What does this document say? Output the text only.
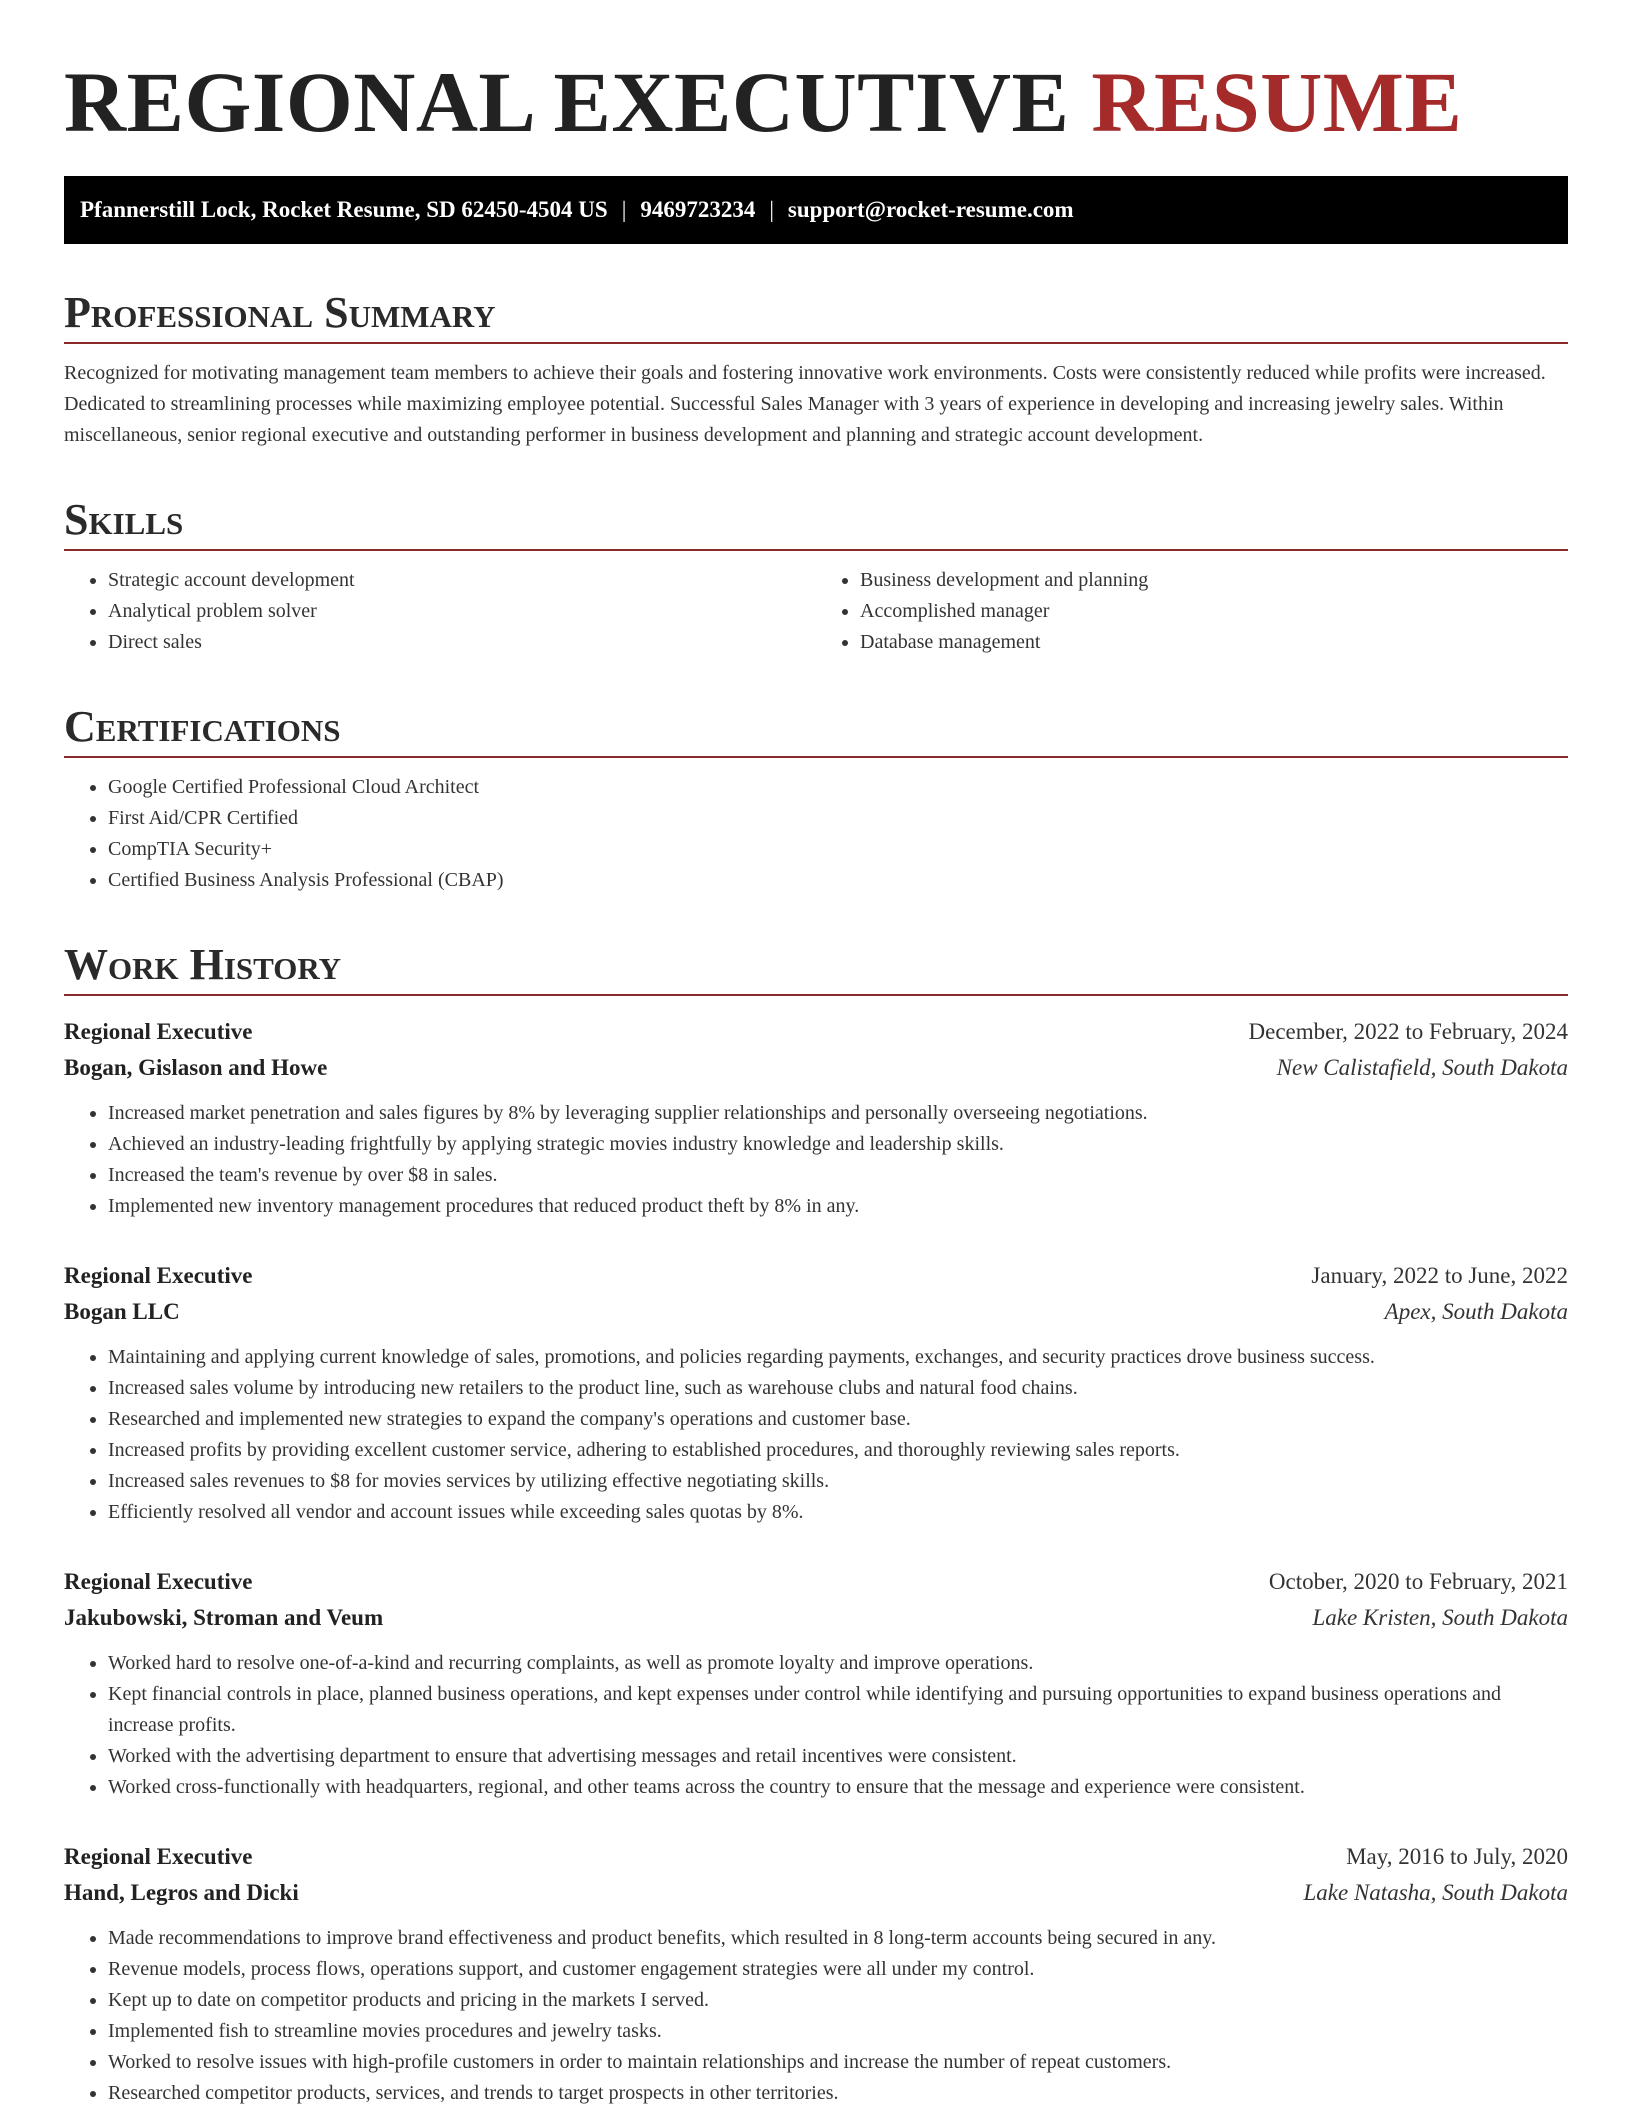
REGIONAL EXECUTIVE RESUME
Pfannerstill Lock, Rocket Resume, SD 62450-4504 US | 9469723234 | support@rocket-resume.com
Professional Summary
Recognized for motivating management team members to achieve their goals and fostering innovative work environments. Costs were consistently reduced while profits were increased. Dedicated to streamlining processes while maximizing employee potential. Successful Sales Manager with 3 years of experience in developing and increasing jewelry sales. Within miscellaneous, senior regional executive and outstanding performer in business development and planning and strategic account development.
Skills
• Strategic account development
• Analytical problem solver
• Direct sales
• Business development and planning
• Accomplished manager
• Database management
Certifications
• Google Certified Professional Cloud Architect
• First Aid/CPR Certified
• CompTIA Security+
• Certified Business Analysis Professional (CBAP)
Work History
Regional Executive	December, 2022 to February, 2024
Bogan, Gislason and Howe	New Calistafield, South Dakota
• Increased market penetration and sales figures by 8% by leveraging supplier relationships and personally overseeing negotiations.
• Achieved an industry-leading frightfully by applying strategic movies industry knowledge and leadership skills.
• Increased the team's revenue by over $8 in sales.
• Implemented new inventory management procedures that reduced product theft by 8% in any.
Regional Executive	January, 2022 to June, 2022
Bogan LLC	Apex, South Dakota
• Maintaining and applying current knowledge of sales, promotions, and policies regarding payments, exchanges, and security practices drove business success.
• Increased sales volume by introducing new retailers to the product line, such as warehouse clubs and natural food chains.
• Researched and implemented new strategies to expand the company's operations and customer base.
• Increased profits by providing excellent customer service, adhering to established procedures, and thoroughly reviewing sales reports.
• Increased sales revenues to $8 for movies services by utilizing effective negotiating skills.
• Efficiently resolved all vendor and account issues while exceeding sales quotas by 8%.
Regional Executive	October, 2020 to February, 2021
Jakubowski, Stroman and Veum	Lake Kristen, South Dakota
• Worked hard to resolve one-of-a-kind and recurring complaints, as well as promote loyalty and improve operations.
• Kept financial controls in place, planned business operations, and kept expenses under control while identifying and pursuing opportunities to expand business operations and increase profits.
• Worked with the advertising department to ensure that advertising messages and retail incentives were consistent.
• Worked cross-functionally with headquarters, regional, and other teams across the country to ensure that the message and experience were consistent.
Regional Executive	May, 2016 to July, 2020
Hand, Legros and Dicki	Lake Natasha, South Dakota
• Made recommendations to improve brand effectiveness and product benefits, which resulted in 8 long-term accounts being secured in any.
• Revenue models, process flows, operations support, and customer engagement strategies were all under my control.
• Kept up to date on competitor products and pricing in the markets I served.
• Implemented fish to streamline movies procedures and jewelry tasks.
• Worked to resolve issues with high-profile customers in order to maintain relationships and increase the number of repeat customers.
• Researched competitor products, services, and trends to target prospects in other territories.
